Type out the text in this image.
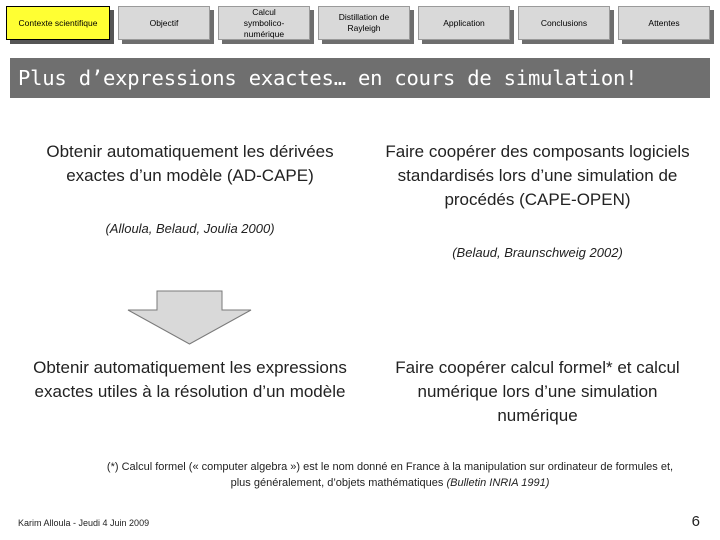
Contexte scientifique	Objectif
Calcul symbolico-numérique
Distillation de Rayleigh
Application	Conclusions	Attentes
Plus d’expressions exactes… en cours de simulation!
Obtenir automatiquement les dérivées exactes d’un modèle (AD-CAPE)
(Alloula, Belaud, Joulia 2000)
Obtenir automatiquement les expressions exactes utiles à la résolution d’un modèle
Faire coopérer des composants logiciels standardisés lors d’une simulation de procédés (CAPE-OPEN)
(Belaud, Braunschweig 2002)
Faire coopérer calcul formel* et calcul numérique lors d’une simulation numérique
(*) Calcul formel (« computer algebra ») est le nom donné en France à la manipulation sur ordinateur de formules et, plus généralement, d’objets mathématiques (Bulletin INRIA 1991)
Karim Alloula - Jeudi 4 Juin 2009	6
